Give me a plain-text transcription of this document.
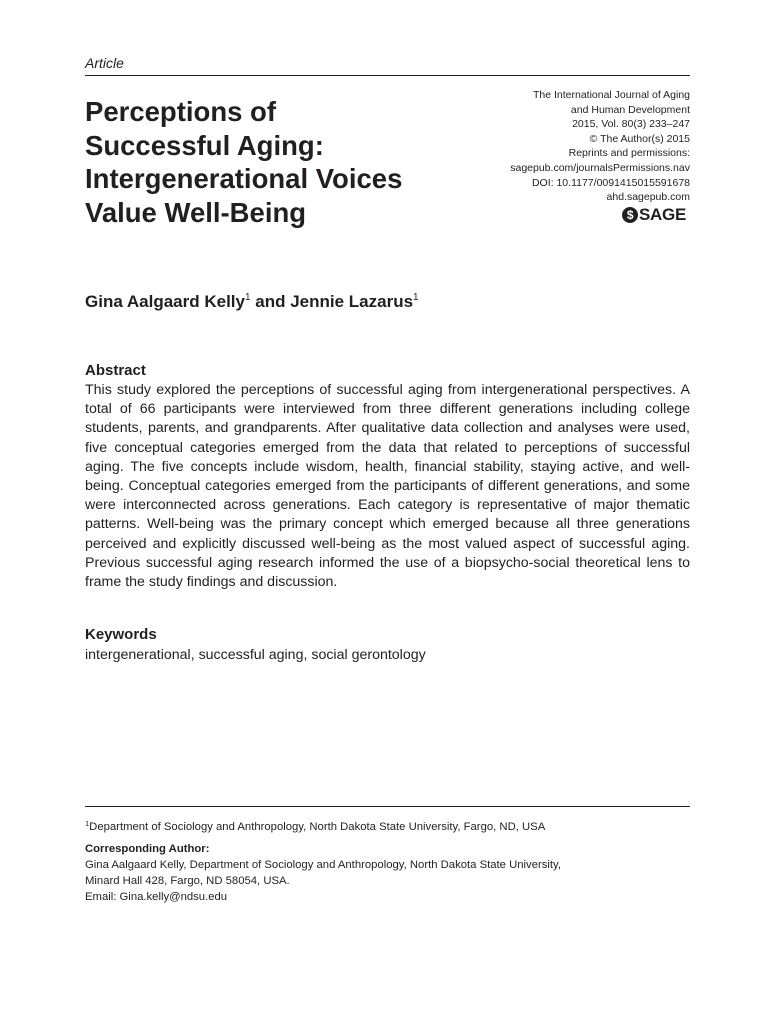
Article
Perceptions of Successful Aging: Intergenerational Voices Value Well-Being
The International Journal of Aging
and Human Development
2015, Vol. 80(3) 233–247
© The Author(s) 2015
Reprints and permissions:
sagepub.com/journalsPermissions.nav
DOI: 10.1177/0091415015591678
ahd.sagepub.com
$ SAGE
Gina Aalgaard Kelly$^1$ and Jennie Lazarus$^1$
Abstract

This study explored the perceptions of successful aging from intergenerational perspectives. A total of 66 participants were interviewed from three different generations including college students, parents, and grandparents. After qualitative data collection and analyses were used, five conceptual categories emerged from the data that related to perceptions of successful aging. The five concepts include wisdom, health, financial stability, staying active, and well-being. Conceptual categories emerged from the participants of different generations, and some were interconnected across generations. Each category is representative of major thematic patterns. Well-being was the primary concept which emerged because all three generations perceived and explicitly discussed well-being as the most valued aspect of successful aging. Previous successful aging research informed the use of a biopsycho-social theoretical lens to frame the study findings and discussion.

Keywords
intergenerational, successful aging, social gerontology
$^1$Department of Sociology and Anthropology, North Dakota State University, Fargo, ND, USA
Corresponding Author:
Gina Aalgaard Kelly, Department of Sociology and Anthropology, North Dakota State University,
Minard Hall 428, Fargo, ND 58054, USA.
Email: Gina.kelly@ndsu.edu
